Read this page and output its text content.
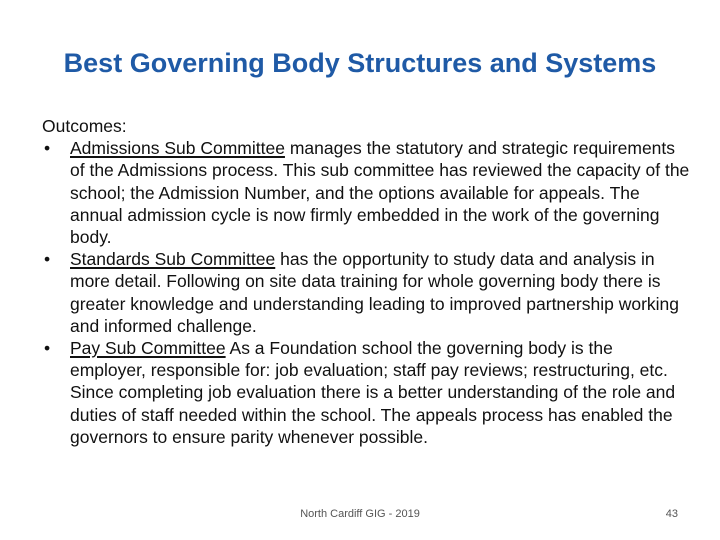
Best Governing Body Structures and Systems
Outcomes:
• Admissions Sub Committee manages the statutory and strategic requirements of the Admissions process. This sub committee has reviewed the capacity of the school; the Admission Number, and the options available for appeals. The annual admission cycle is now firmly embedded in the work of the governing body.
• Standards Sub Committee has the opportunity to study data and analysis in more detail. Following on site data training for whole governing body there is greater knowledge and understanding leading to improved partnership working and informed challenge.
• Pay Sub Committee As a Foundation school the governing body is the employer, responsible for: job evaluation; staff pay reviews; restructuring, etc. Since completing job evaluation there is a better understanding of the role and duties of staff needed within the school. The appeals process has enabled the governors to ensure parity whenever possible.
North Cardiff GIG - 2019	43
